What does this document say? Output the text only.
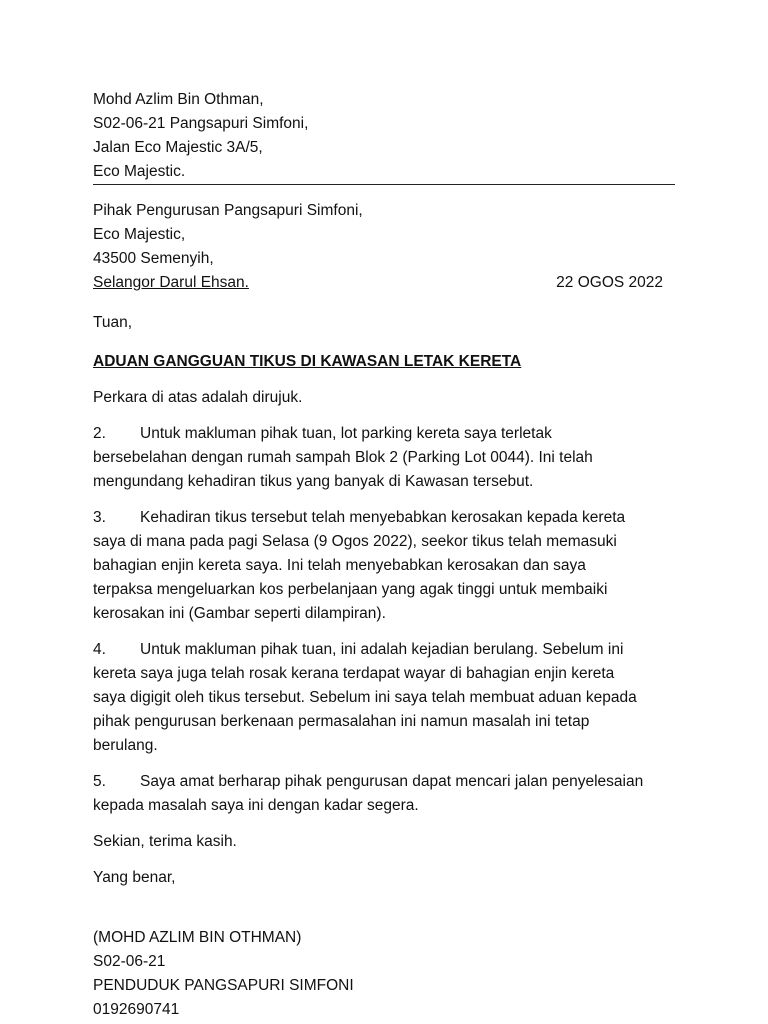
Mohd Azlim Bin Othman,
S02-06-21 Pangsapuri Simfoni,
Jalan Eco Majestic 3A/5,
Eco Majestic.
Pihak Pengurusan Pangsapuri Simfoni,
Eco Majestic,
43500 Semenyih,
Selangor Darul Ehsan.	22 OGOS 2022
Tuan,
ADUAN GANGGUAN TIKUS DI KAWASAN LETAK KERETA
Perkara di atas adalah dirujuk.
2. Untuk makluman pihak tuan, lot parking kereta saya terletak
bersebelahan dengan rumah sampah Blok 2 (Parking Lot 0044). Ini telah
mengundang kehadiran tikus yang banyak di Kawasan tersebut.
3. Kehadiran tikus tersebut telah menyebabkan kerosakan kepada kereta
saya di mana pada pagi Selasa (9 Ogos 2022), seekor tikus telah memasuki
bahagian enjin kereta saya. Ini telah menyebabkan kerosakan dan saya
terpaksa mengeluarkan kos perbelanjaan yang agak tinggi untuk membaiki
kerosakan ini (Gambar seperti dilampiran).
4. Untuk makluman pihak tuan, ini adalah kejadian berulang. Sebelum ini
kereta saya juga telah rosak kerana terdapat wayar di bahagian enjin kereta
saya digigit oleh tikus tersebut. Sebelum ini saya telah membuat aduan kepada
pihak pengurusan berkenaan permasalahan ini namun masalah ini tetap
berulang.
5. Saya amat berharap pihak pengurusan dapat mencari jalan penyelesaian
kepada masalah saya ini dengan kadar segera.
Sekian, terima kasih.
Yang benar,
(MOHD AZLIM BIN OTHMAN)
S02-06-21
PENDUDUK PANGSAPURI SIMFONI
0192690741
